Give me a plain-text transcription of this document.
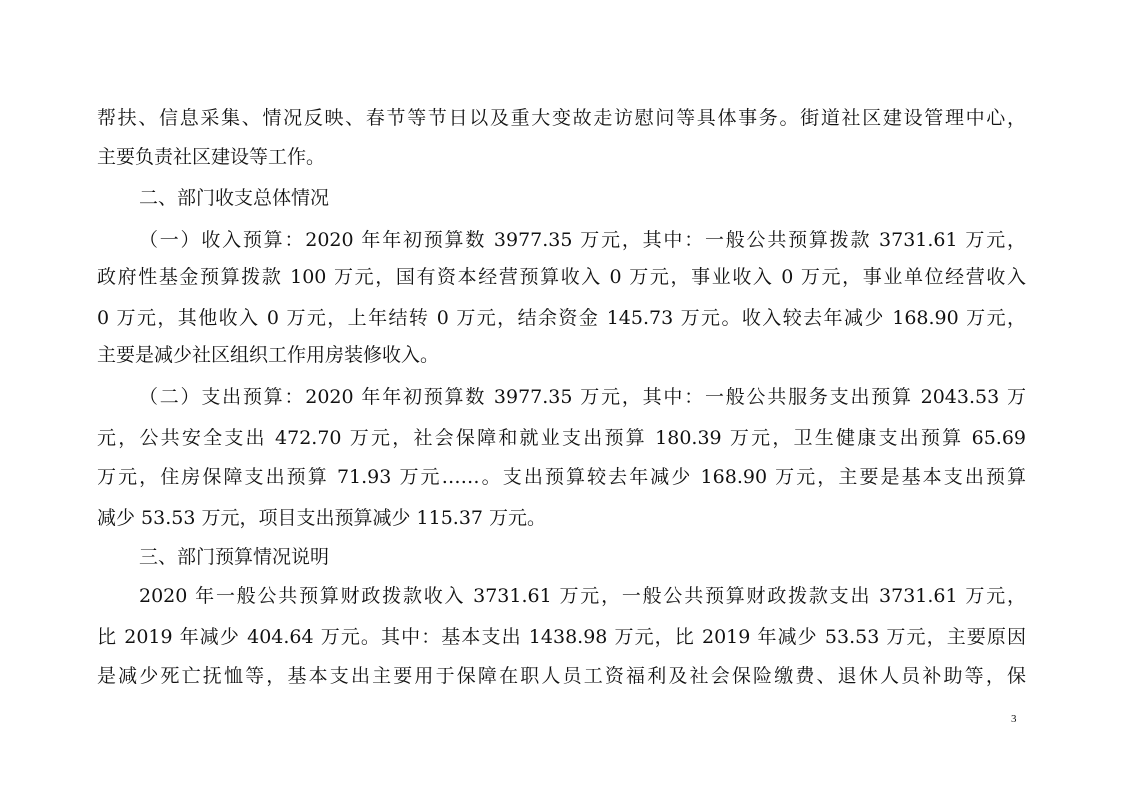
帮扶、信息采集、情况反映、春节等节日以及重大变故走访慰问等具体事务。街道社区建设管理中心，
主要负责社区建设等工作。
二、部门收支总体情况
（一）收入预算：2020 年年初预算数 3977.35 万元，其中：一般公共预算拨款 3731.61 万元，
政府性基金预算拨款 100 万元，国有资本经营预算收入 0 万元，事业收入 0 万元，事业单位经营收入
0 万元，其他收入 0 万元，上年结转 0 万元，结余资金 145.73 万元。收入较去年减少 168.90 万元，
主要是减少社区组织工作用房装修收入。
（二）支出预算：2020 年年初预算数 3977.35 万元，其中：一般公共服务支出预算 2043.53 万
元，公共安全支出 472.70 万元，社会保障和就业支出预算 180.39 万元，卫生健康支出预算 65.69
万元，住房保障支出预算 71.93 万元……。支出预算较去年减少 168.90 万元，主要是基本支出预算
减少 53.53 万元，项目支出预算减少 115.37 万元。
三、部门预算情况说明
2020 年一般公共预算财政拨款收入 3731.61 万元，一般公共预算财政拨款支出 3731.61 万元，
比 2019 年减少 404.64 万元。其中：基本支出 1438.98 万元，比 2019 年减少 53.53 万元，主要原因
是减少死亡抚恤等，基本支出主要用于保障在职人员工资福利及社会保险缴费、退休人员补助等，保
3
